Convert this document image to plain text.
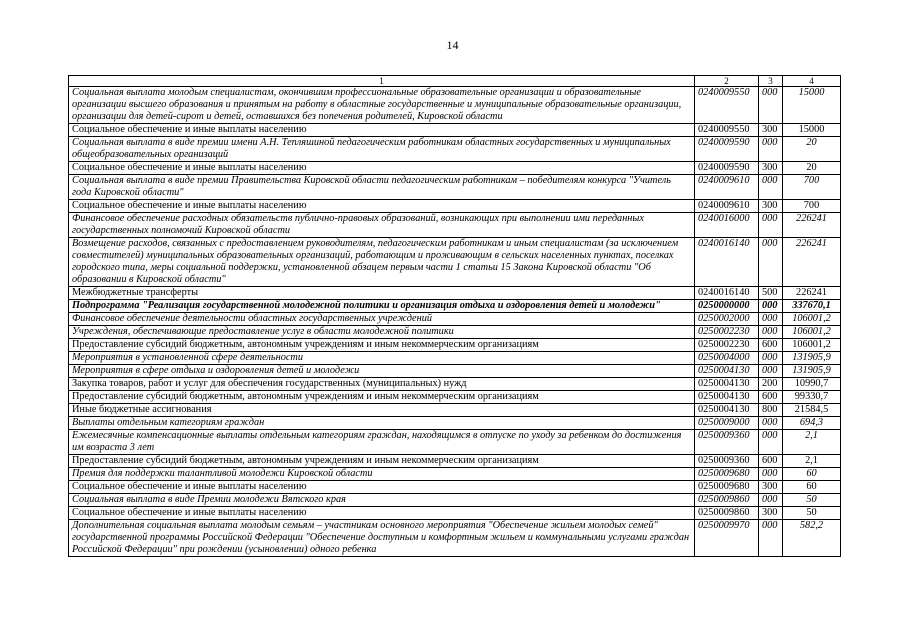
14
1	2	3	4
Социальная выплата молодым специалистам, окончившим профессиональные образовательные организации и образовательные организации высшего образования и принятым на работу в областные государственные и муниципальные образовательные организации, организации для детей-сирот и детей, оставшихся без попечения родителей, Кировской области	0240009550	000	15000
Социальное обеспечение и иные выплаты населению	0240009550	300	15000
Социальная выплата в виде премии имени А.Н. Тепляшиной педагогическим работникам областных государственных и муниципальных общеобразовательных организаций	0240009590	000	20
Социальное обеспечение и иные выплаты населению	0240009590	300	20
Социальная выплата в виде премии Правительства Кировской области педагогическим работникам – победителям конкурса "Учитель года Кировской области"	0240009610	000	700
Социальное обеспечение и иные выплаты населению	0240009610	300	700
Финансовое обеспечение расходных обязательств публично-правовых образований, возникающих при выполнении ими переданных государственных полномочий Кировской области	0240016000	000	226241
Возмещение расходов, связанных с предоставлением руководителям, педагогическим работникам и иным специалистам (за исключением совместителей) муниципальных образовательных организаций, работающим и проживающим в сельских населенных пунктах, поселках городского типа, меры социальной поддержки, установленной абзацем первым части 1 статьи 15 Закона Кировской области "Об образовании в Кировской области"	0240016140	000	226241
Межбюджетные трансферты	0240016140	500	226241
Подпрограмма "Реализация государственной молодежной политики и организация отдыха и оздоровления детей и молодежи"	0250000000	000	337670,1
Финансовое обеспечение деятельности областных государственных учреждений	0250002000	000	106001,2
Учреждения, обеспечивающие предоставление услуг в области молодежной политики	0250002230	000	106001,2
Предоставление субсидий бюджетным, автономным учреждениям и иным некоммерческим организациям	0250002230	600	106001,2
Мероприятия в установленной сфере деятельности	0250004000	000	131905,9
Мероприятия в сфере отдыха и оздоровления детей и молодежи	0250004130	000	131905,9
Закупка товаров, работ и услуг для обеспечения государственных (муниципальных) нужд	0250004130	200	10990,7
Предоставление субсидий бюджетным, автономным учреждениям и иным некоммерческим организациям	0250004130	600	99330,7
Иные бюджетные ассигнования	0250004130	800	21584,5
Выплаты отдельным категориям граждан	0250009000	000	694,3
Ежемесячные компенсационные выплаты отдельным категориям граждан, находящимся в отпуске по уходу за ребенком до достижения им возраста 3 лет	0250009360	000	2,1
Предоставление субсидий бюджетным, автономным учреждениям и иным некоммерческим организациям	0250009360	600	2,1
Премия для поддержки талантливой молодежи Кировской области	0250009680	000	60
Социальное обеспечение и иные выплаты населению	0250009680	300	60
Социальная выплата в виде Премии молодежи Вятского края	0250009860	000	50
Социальное обеспечение и иные выплаты населению	0250009860	300	50
Дополнительная социальная выплата молодым семьям – участникам основного мероприятия "Обеспечение жильем молодых семей" государственной программы Российской Федерации "Обеспечение доступным и комфортным жильем и коммунальными услугами граждан Российской Федерации" при рождении (усыновлении) одного ребенка	0250009970	000	582,2
